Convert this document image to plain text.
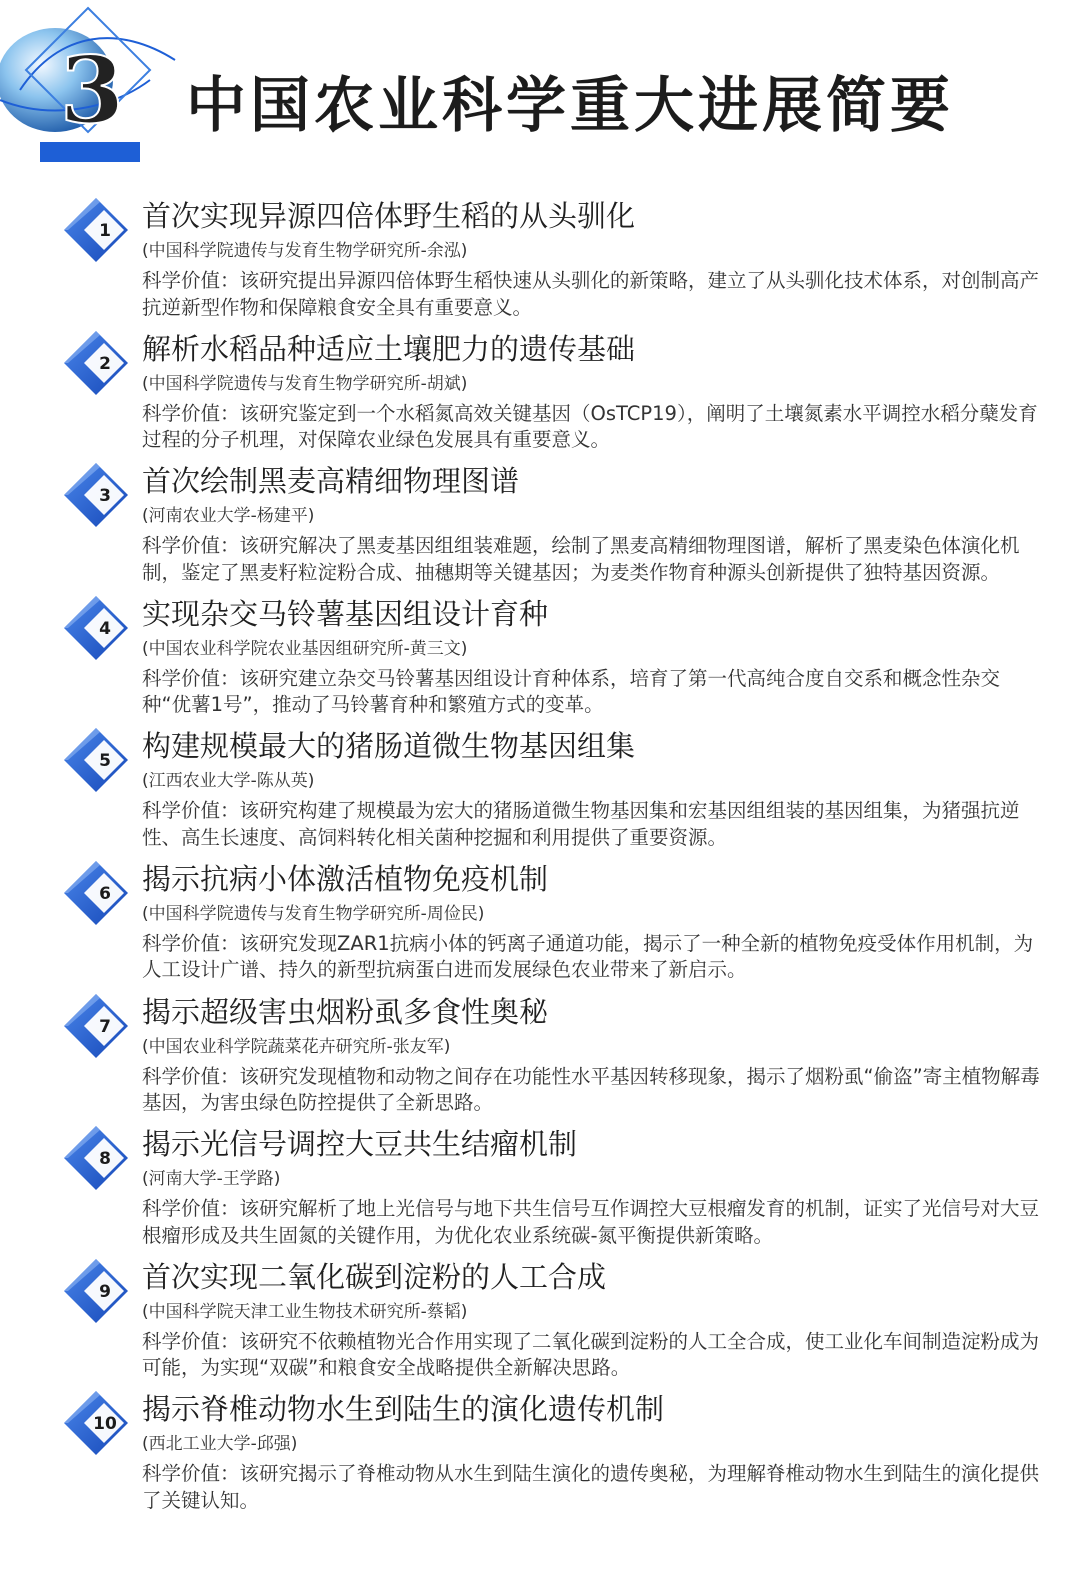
3 中国农业科学重大进展简要
1	首次实现异源四倍体野生稻的从头驯化
(中国科学院遗传与发育生物学研究所-余泓)
科学价值：该研究提出异源四倍体野生稻快速从头驯化的新策略，建立了从头驯化技术体系，对创制高产抗逆新型作物和保障粮食安全具有重要意义。
2	解析水稻品种适应土壤肥力的遗传基础
(中国科学院遗传与发育生物学研究所-胡斌)
科学价值：该研究鉴定到一个水稻氮高效关键基因（OsTCP19），阐明了土壤氮素水平调控水稻分蘖发育过程的分子机理，对保障农业绿色发展具有重要意义。
3	首次绘制黑麦高精细物理图谱
(河南农业大学-杨建平)
科学价值：该研究解决了黑麦基因组组装难题，绘制了黑麦高精细物理图谱，解析了黑麦染色体演化机制，鉴定了黑麦籽粒淀粉合成、抽穗期等关键基因；为麦类作物育种源头创新提供了独特基因资源。
4	实现杂交马铃薯基因组设计育种
(中国农业科学院农业基因组研究所-黄三文)
科学价值：该研究建立杂交马铃薯基因组设计育种体系，培育了第一代高纯合度自交系和概念性杂交种“优薯1号”，推动了马铃薯育种和繁殖方式的变革。
5	构建规模最大的猪肠道微生物基因组集
(江西农业大学-陈从英)
科学价值：该研究构建了规模最为宏大的猪肠道微生物基因集和宏基因组组装的基因组集，为猪强抗逆性、高生长速度、高饲料转化相关菌种挖掘和利用提供了重要资源。
6	揭示抗病小体激活植物免疫机制
(中国科学院遗传与发育生物学研究所-周俭民)
科学价值：该研究发现ZAR1抗病小体的钙离子通道功能，揭示了一种全新的植物免疫受体作用机制，为人工设计广谱、持久的新型抗病蛋白进而发展绿色农业带来了新启示。
7	揭示超级害虫烟粉虱多食性奥秘
(中国农业科学院蔬菜花卉研究所-张友军)
科学价值：该研究发现植物和动物之间存在功能性水平基因转移现象，揭示了烟粉虱“偷盗”寄主植物解毒基因，为害虫绿色防控提供了全新思路。
8	揭示光信号调控大豆共生结瘤机制
(河南大学-王学路)
科学价值：该研究解析了地上光信号与地下共生信号互作调控大豆根瘤发育的机制，证实了光信号对大豆根瘤形成及共生固氮的关键作用，为优化农业系统碳-氮平衡提供新策略。
9	首次实现二氧化碳到淀粉的人工合成
(中国科学院天津工业生物技术研究所-蔡韬)
科学价值：该研究不依赖植物光合作用实现了二氧化碳到淀粉的人工全合成，使工业化车间制造淀粉成为可能，为实现“双碳”和粮食安全战略提供全新解决思路。
10 揭示脊椎动物水生到陆生的演化遗传机制
(西北工业大学-邱强)
科学价值：该研究揭示了脊椎动物从水生到陆生演化的遗传奥秘，为理解脊椎动物水生到陆生的演化提供了关键认知。
